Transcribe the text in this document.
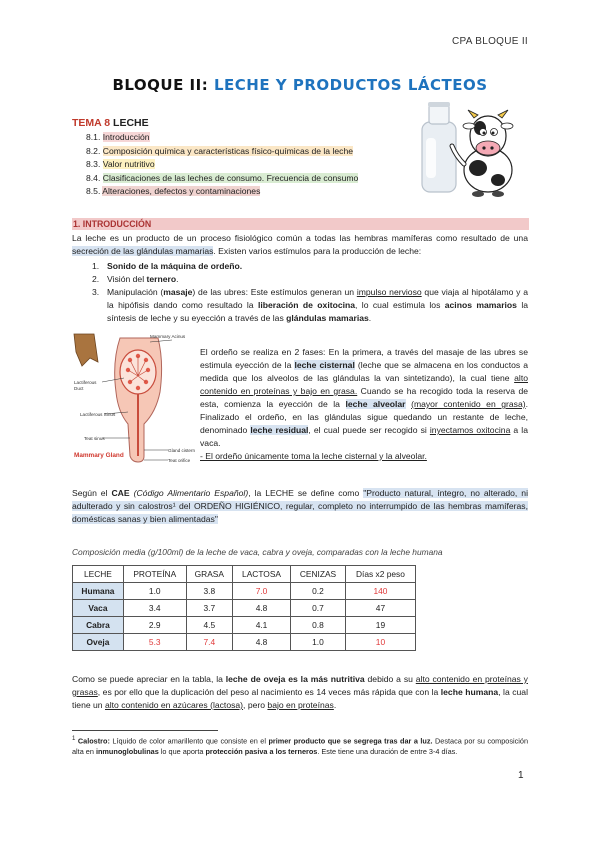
CPA BLOQUE II
BLOQUE II: LECHE Y PRODUCTOS LÁCTEOS
TEMA 8 LECHE
8.1. Introducción
8.2. Composición química y características físico-químicas de la leche
8.3. Valor nutritivo
8.4. Clasificaciones de las leches de consumo. Frecuencia de consumo
8.5. Alteraciones, defectos y contaminaciones
1. INTRODUCCIÓN
La leche es un producto de un proceso fisiológico común a todas las hembras mamíferas como resultado de una secreción de las glándulas mamarias. Existen varios estímulos para la producción de leche:
1. Sonido de la máquina de ordeño.
2. Visión del ternero.
3. Manipulación (masaje) de las ubres: Este estímulos generan un impulso nervioso que viaja al hipotálamo y a la hipófisis dando como resultado la liberación de oxitocina, lo cual estimula los acinos mamarios la síntesis de leche y su eyección a través de las glándulas mamarias.
Mammary Acinus
Lactiferous Duct
Lactiferous Sinus
Teat sinus
Gland cistern
Teat orifice
Mammary Gland
El ordeño se realiza en 2 fases: En la primera, a través del masaje de las ubres se estimula eyección de la leche cisternal (leche que se almacena en los conductos a medida que los alveolos de las glándulas la van sintetizando), la cual tiene alto contenido en proteínas y bajo en grasa. Cuando se ha recogido toda la reserva de esta, comienza la eyección de la leche alveolar (mayor contenido en grasa). Finalizado el ordeño, en las glándulas sigue quedando un restante de leche, denominado leche residual, el cual puede ser recogido si inyectamos oxitocina a la vaca.
- El ordeño únicamente toma la leche cisternal y la alveolar.
Según el CAE (Código Alimentario Español), la LECHE se define como "Producto natural, íntegro, no alterado, ni adulterado y sin calostros¹ del ORDEÑO HIGIÉNICO, regular, completo no interrumpido de las hembras mamíferas, domésticas sanas y bien alimentadas"
Composición media (g/100ml) de la leche de vaca, cabra y oveja, comparadas con la leche humana
LECHE	PROTEÍNA	GRASA	LACTOSA	CENIZAS	Días x2 peso
Humana	1.0	3.8	7.0	0.2	140
Vaca	3.4	3.7	4.8	0.7	47
Cabra	2.9	4.5	4.1	0.8	19
Oveja	5.3	7.4	4.8	1.0	10
Como se puede apreciar en la tabla, la leche de oveja es la más nutritiva debido a su alto contenido en proteínas y grasas, es por ello que la duplicación del peso al nacimiento es 14 veces más rápida que con la leche humana, la cual tiene un alto contenido en azúcares (lactosa), pero bajo en proteínas.
$^1$ Calostro: Líquido de color amarillento que consiste en el primer producto que se segrega tras dar a luz. Destaca por su composición alta en inmunoglobulinas lo que aporta protección pasiva a los terneros. Este tiene una duración de entre 3-4 días.
1
